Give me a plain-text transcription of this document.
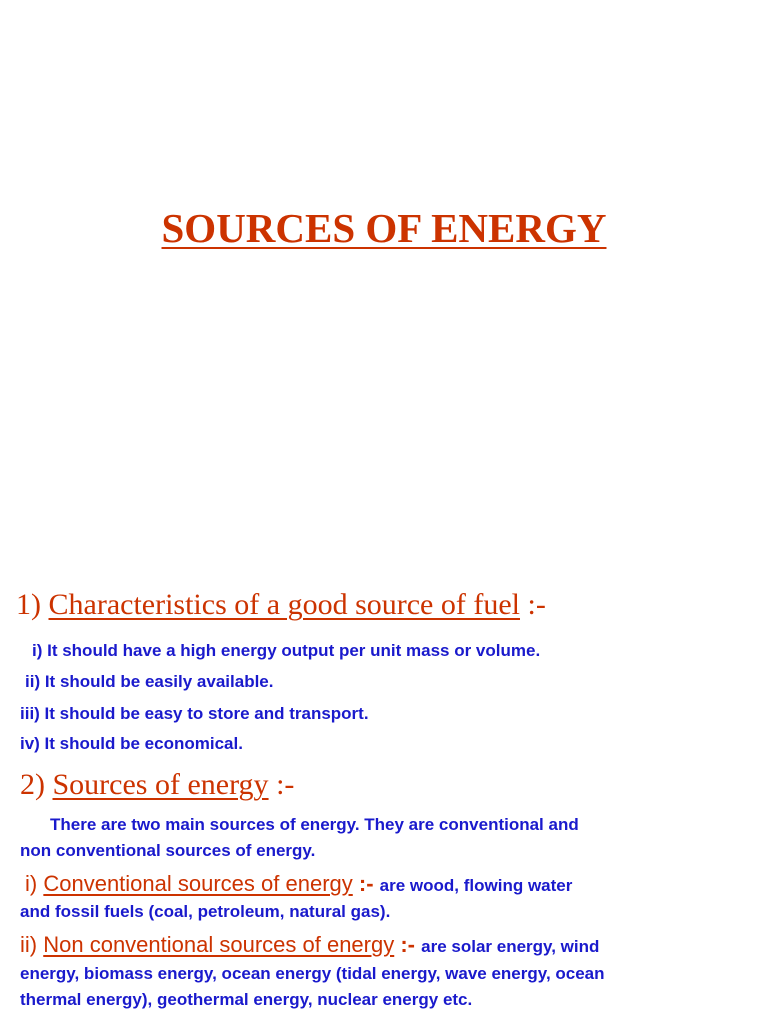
SOURCES OF ENERGY
1) Characteristics of a good source of fuel :-
i) It should have a high energy output per unit mass or volume.
ii) It should be easily available.
iii) It should be easy to store and transport.
iv) It should be economical.
2) Sources of energy :-
There are two main sources of energy. They are conventional and
non conventional sources of energy.
i) Conventional sources of energy :- are wood, flowing water
and fossil fuels (coal, petroleum, natural gas).
ii) Non conventional sources of energy :- are solar energy, wind
energy, biomass energy, ocean energy (tidal energy, wave energy, ocean
thermal energy), geothermal energy, nuclear energy etc.
